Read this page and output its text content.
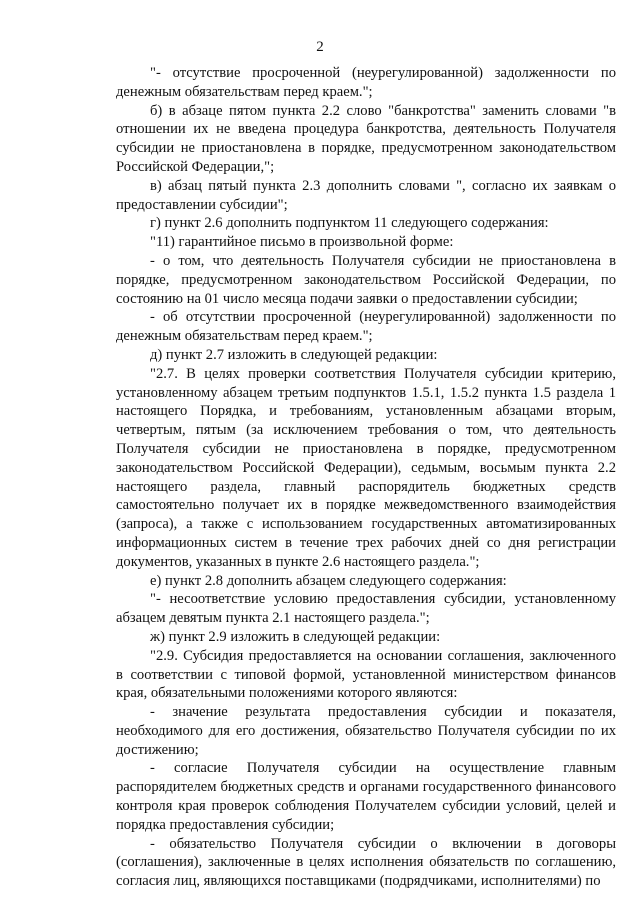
2

"- отсутствие просроченной (неурегулированной) задолженности по денежным обязательствам перед краем.";

б) в абзаце пятом пункта 2.2 слово "банкротства" заменить словами "в отношении их не введена процедура банкротства, деятельность Получателя субсидии не приостановлена в порядке, предусмотренном законодательством Российской Федерации,";

в) абзац пятый пункта 2.3 дополнить словами ", согласно их заявкам о предоставлении субсидии";

г) пункт 2.6 дополнить подпунктом 11 следующего содержания:

"11) гарантийное письмо в произвольной форме:

- о том, что деятельность Получателя субсидии не приостановлена в порядке, предусмотренном законодательством Российской Федерации, по состоянию на 01 число месяца подачи заявки о предоставлении субсидии;

- об отсутствии просроченной (неурегулированной) задолженности по денежным обязательствам перед краем.";

д) пункт 2.7 изложить в следующей редакции:

"2.7. В целях проверки соответствия Получателя субсидии критерию, установленному абзацем третьим подпунктов 1.5.1, 1.5.2 пункта 1.5 раздела 1 настоящего Порядка, и требованиям, установленным абзацами вторым, четвертым, пятым (за исключением требования о том, что деятельность Получателя субсидии не приостановлена в порядке, предусмотренном законодательством Российской Федерации), седьмым, восьмым пункта 2.2 настоящего раздела, главный распорядитель бюджетных средств самостоятельно получает их в порядке межведомственного взаимодействия (запроса), а также с использованием государственных автоматизированных информационных систем в течение трех рабочих дней со дня регистрации документов, указанных в пункте 2.6 настоящего раздела.";

е) пункт 2.8 дополнить абзацем следующего содержания:

"- несоответствие условию предоставления субсидии, установленному абзацем девятым пункта 2.1 настоящего раздела.";

ж) пункт 2.9 изложить в следующей редакции:

"2.9. Субсидия предоставляется на основании соглашения, заключенного в соответствии с типовой формой, установленной министерством финансов края, обязательными положениями которого являются:

- значение результата предоставления субсидии и показателя, необходимого для его достижения, обязательство Получателя субсидии по их достижению;

- согласие Получателя субсидии на осуществление главным распорядителем бюджетных средств и органами государственного финансового контроля края проверок соблюдения Получателем субсидии условий, целей и порядка предоставления субсидии;

- обязательство Получателя субсидии о включении в договоры (соглашения), заключенные в целях исполнения обязательств по соглашению, согласия лиц, являющихся поставщиками (подрядчиками, исполнителями) по
